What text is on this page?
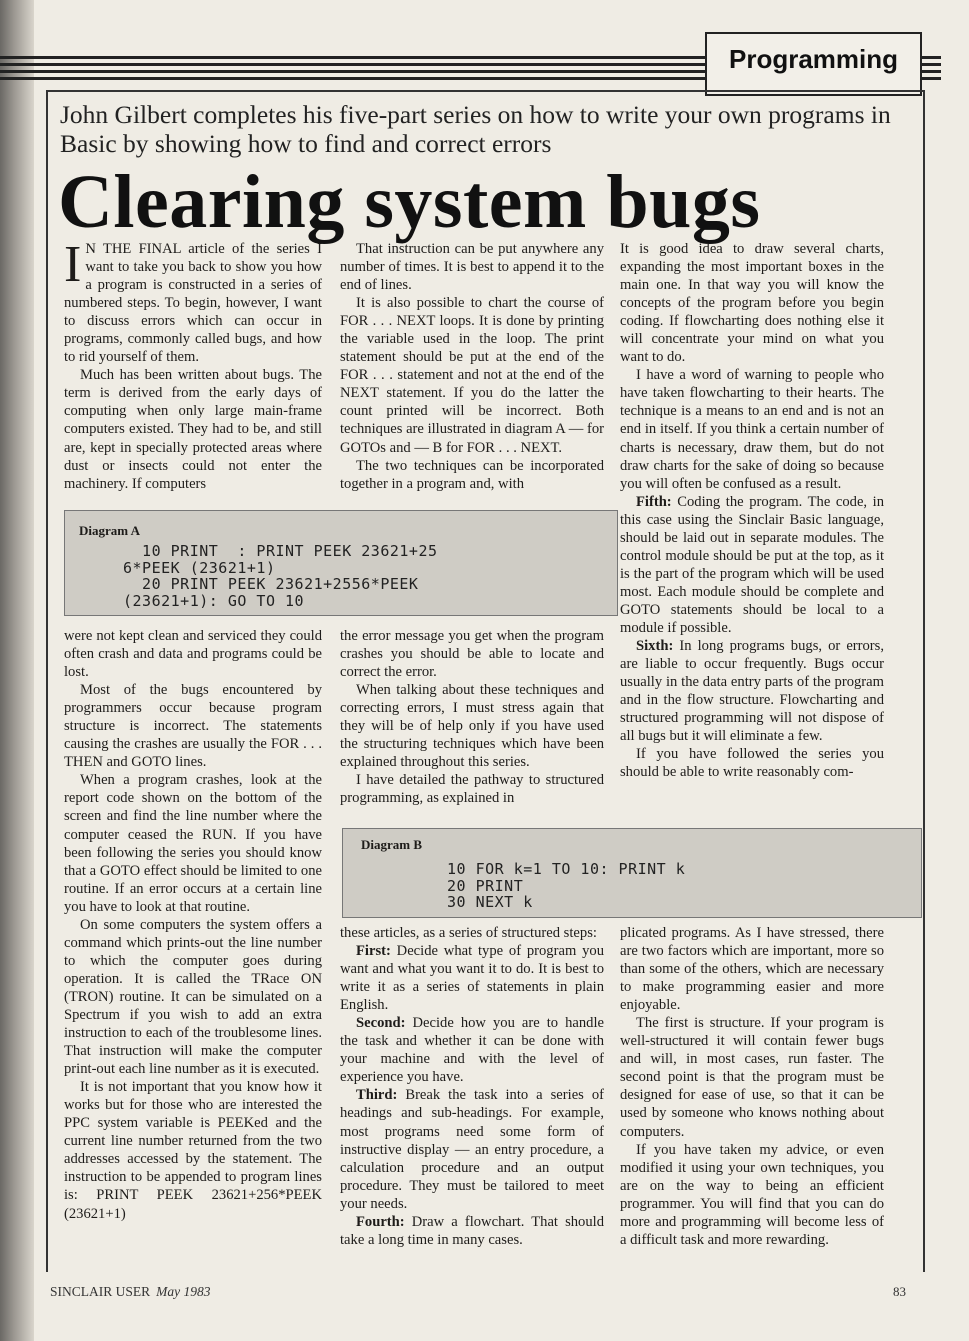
Programming
John Gilbert completes his five-part series on how to write your own programs in Basic by showing how to find and correct errors
Clearing system bugs

I N THE FINAL article of the series I want to take you back to show you how a program is constructed in a series of numbered steps. To begin, however, I want to discuss errors which can occur in programs, commonly called bugs, and how to rid yourself of them.

Much has been written about bugs. The term is derived from the early days of computing when only large main-frame computers existed. They had to be, and still are, kept in specially protected areas where dust or insects could not enter the machinery. If computers

That instruction can be put anywhere any number of times. It is best to append it to the end of lines.

It is also possible to chart the course of FOR . . . NEXT loops. It is done by printing the variable used in the loop. The print statement should be put at the end of the FOR . . . statement and not at the end of the NEXT statement. If you do the latter the count printed will be incorrect. Both techniques are illustrated in diagram A — for GOTOs and — B for FOR . . . NEXT.

The two techniques can be incorporated together in a program and, with

It is good idea to draw several charts, expanding the most important boxes in the main one. In that way you will know the concepts of the program before you begin coding. If flowcharting does nothing else it will concentrate your mind on what you want to do.

I have a word of warning to people who have taken flowcharting to their hearts. The technique is a means to an end and is not an end in itself. If you think a certain number of charts is necessary, draw them, but do not draw charts for the sake of doing so because you will often be confused as a result.

Fifth: Coding the program. The code, in this case using the Sinclair Basic language, should be laid out in separate modules. The control module should be put at the top, as it is the part of the program which will be used most. Each module should be complete and GOTO statements should be local to a module if possible.

Sixth: In long programs bugs, or errors, are liable to occur frequently. Bugs occur usually in the data entry parts of the program and in the flow structure. Flowcharting and structured programming will not dispose of all bugs but it will eliminate a few.

If you have followed the series you should be able to write reasonably com-

Diagram A
10 PRINT  : PRINT PEEK 23621+25
6*PEEK (23621+1)
20 PRINT PEEK 23621+2556*PEEK
(23621+1): GO TO 10

were not kept clean and serviced they could often crash and data and programs could be lost.

Most of the bugs encountered by programmers occur because program structure is incorrect. The statements causing the crashes are usually the FOR . . . THEN and GOTO lines.

When a program crashes, look at the report code shown on the bottom of the screen and find the line number where the computer ceased the RUN. If you have been following the series you should know that a GOTO effect should be limited to one routine. If an error occurs at a certain line you have to look at that routine.

On some computers the system offers a command which prints-out the line number to which the computer goes during operation. It is called the TRace ON (TRON) routine. It can be simulated on a Spectrum if you wish to add an extra instruction to each of the troublesome lines. That instruction will make the computer print-out each line number as it is executed.

It is not important that you know how it works but for those who are interested the PPC system variable is PEEKed and the current line number returned from the two addresses accessed by the statement. The instruction to be appended to program lines is: PRINT PEEK 23621+256*PEEK (23621+1)

the error message you get when the program crashes you should be able to locate and correct the error.

When talking about these techniques and correcting errors, I must stress again that they will be of help only if you have used the structuring techniques which have been explained throughout this series.

I have detailed the pathway to structured programming, as explained in

Diagram B
10 FOR k=1 TO 10: PRINT k
20 PRINT
30 NEXT k

these articles, as a series of structured steps:

First: Decide what type of program you want and what you want it to do. It is best to write it as a series of statements in plain English.

Second: Decide how you are to handle the task and whether it can be done with your machine and with the level of experience you have.

Third: Break the task into a series of headings and sub-headings. For example, most programs need some form of instructive display — an entry procedure, a calculation procedure and an output procedure. They must be tailored to meet your needs.

Fourth: Draw a flowchart. That should take a long time in many cases.

plicated programs. As I have stressed, there are two factors which are important, more so than some of the others, which are necessary to make programming easier and more enjoyable.

The first is structure. If your program is well-structured it will contain fewer bugs and will, in most cases, run faster. The second point is that the program must be designed for ease of use, so that it can be used by someone who knows nothing about computers.

If you have taken my advice, or even modified it using your own techniques, you are on the way to being an efficient programmer. You will find that you can do more and programming will become less of a difficult task and more rewarding.

SINCLAIR USER May 1983	83
